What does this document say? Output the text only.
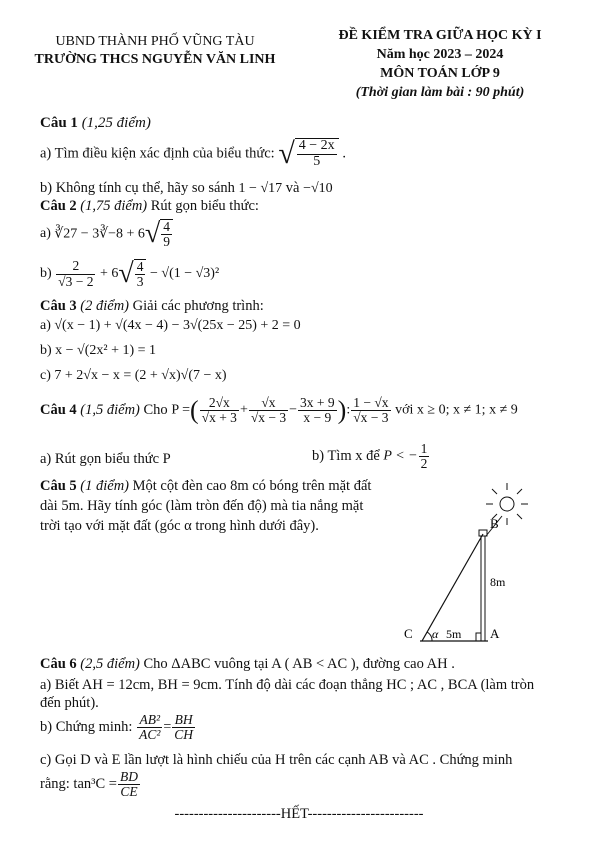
UBND THÀNH PHỐ VŨNG TÀU
TRƯỜNG THCS NGUYỄN VĂN LINH
ĐỀ KIỂM TRA GIỮA HỌC KỲ I
Năm học 2023 – 2024
MÔN TOÁN LỚP 9
(Thời gian làm bài : 90 phút)
Câu 1 (1,25 điểm)
a) Tìm điều kiện xác định của biểu thức: √ $\frac{4 - 2x}{5}$ .
b) Không tính cụ thể, hãy so sánh 1 − √17 và −√10
Câu 2 (1,75 điểm) Rút gọn biểu thức:
a) ∛27 − 3∛−8 + $6√ \frac{4}{9}$
$b) \frac{2}{√3 - 2} + 6√ \frac{4}{3} - √(1 - √3)^2$
Câu 3 (2 điểm) Giải các phương trình:
a) √(x − 1) + √(4x − 4) − 3√(25x − 25) + 2 = 0
b) x − √(2x² + 1) = 1
c) 7 + 2√x − x = (2 + √x)√(7 − x)
Câu 4 (1,5 điểm) Cho P =( $\frac{2√x}{√x + 3} + \frac{√x}{√x - 3} - \frac{3x + 9}{x - 9}$ ): $\frac{1 - √x}{√x - 3}$ với x ≥ 0; x ≠ 1; x ≠ 9
a) Rút gọn biểu thức P	b) Tìm x để P < − $\frac{1}{2}$
Câu 5 (1 điểm) Một cột đèn cao 8m có bóng trên mặt đất
dài 5m. Hãy tính góc (làm tròn đến độ) mà tia nắng mặt
trời tạo với mặt đất (góc α trong hình dưới đây).	B
C	A
α
8m
5m
Câu 6 (2,5 điểm) Cho ΔABC vuông tại A ( AB < AC ), đường cao AH .
a) Biết AH = 12cm, BH = 9cm. Tính độ dài các đoạn thẳng HC ; AC , BCA (làm tròn
đến phút).
b) Chứng minh: $\frac{\text{AB²}}{\text{AC²}} = \frac{BH}{CH}$
c) Gọi D và E lần lượt là hình chiếu của H trên các cạnh AB và AC . Chứng minh
rằng: $\tan^3C = \frac{BD}{CE}$
----------------------HẾT------------------------
